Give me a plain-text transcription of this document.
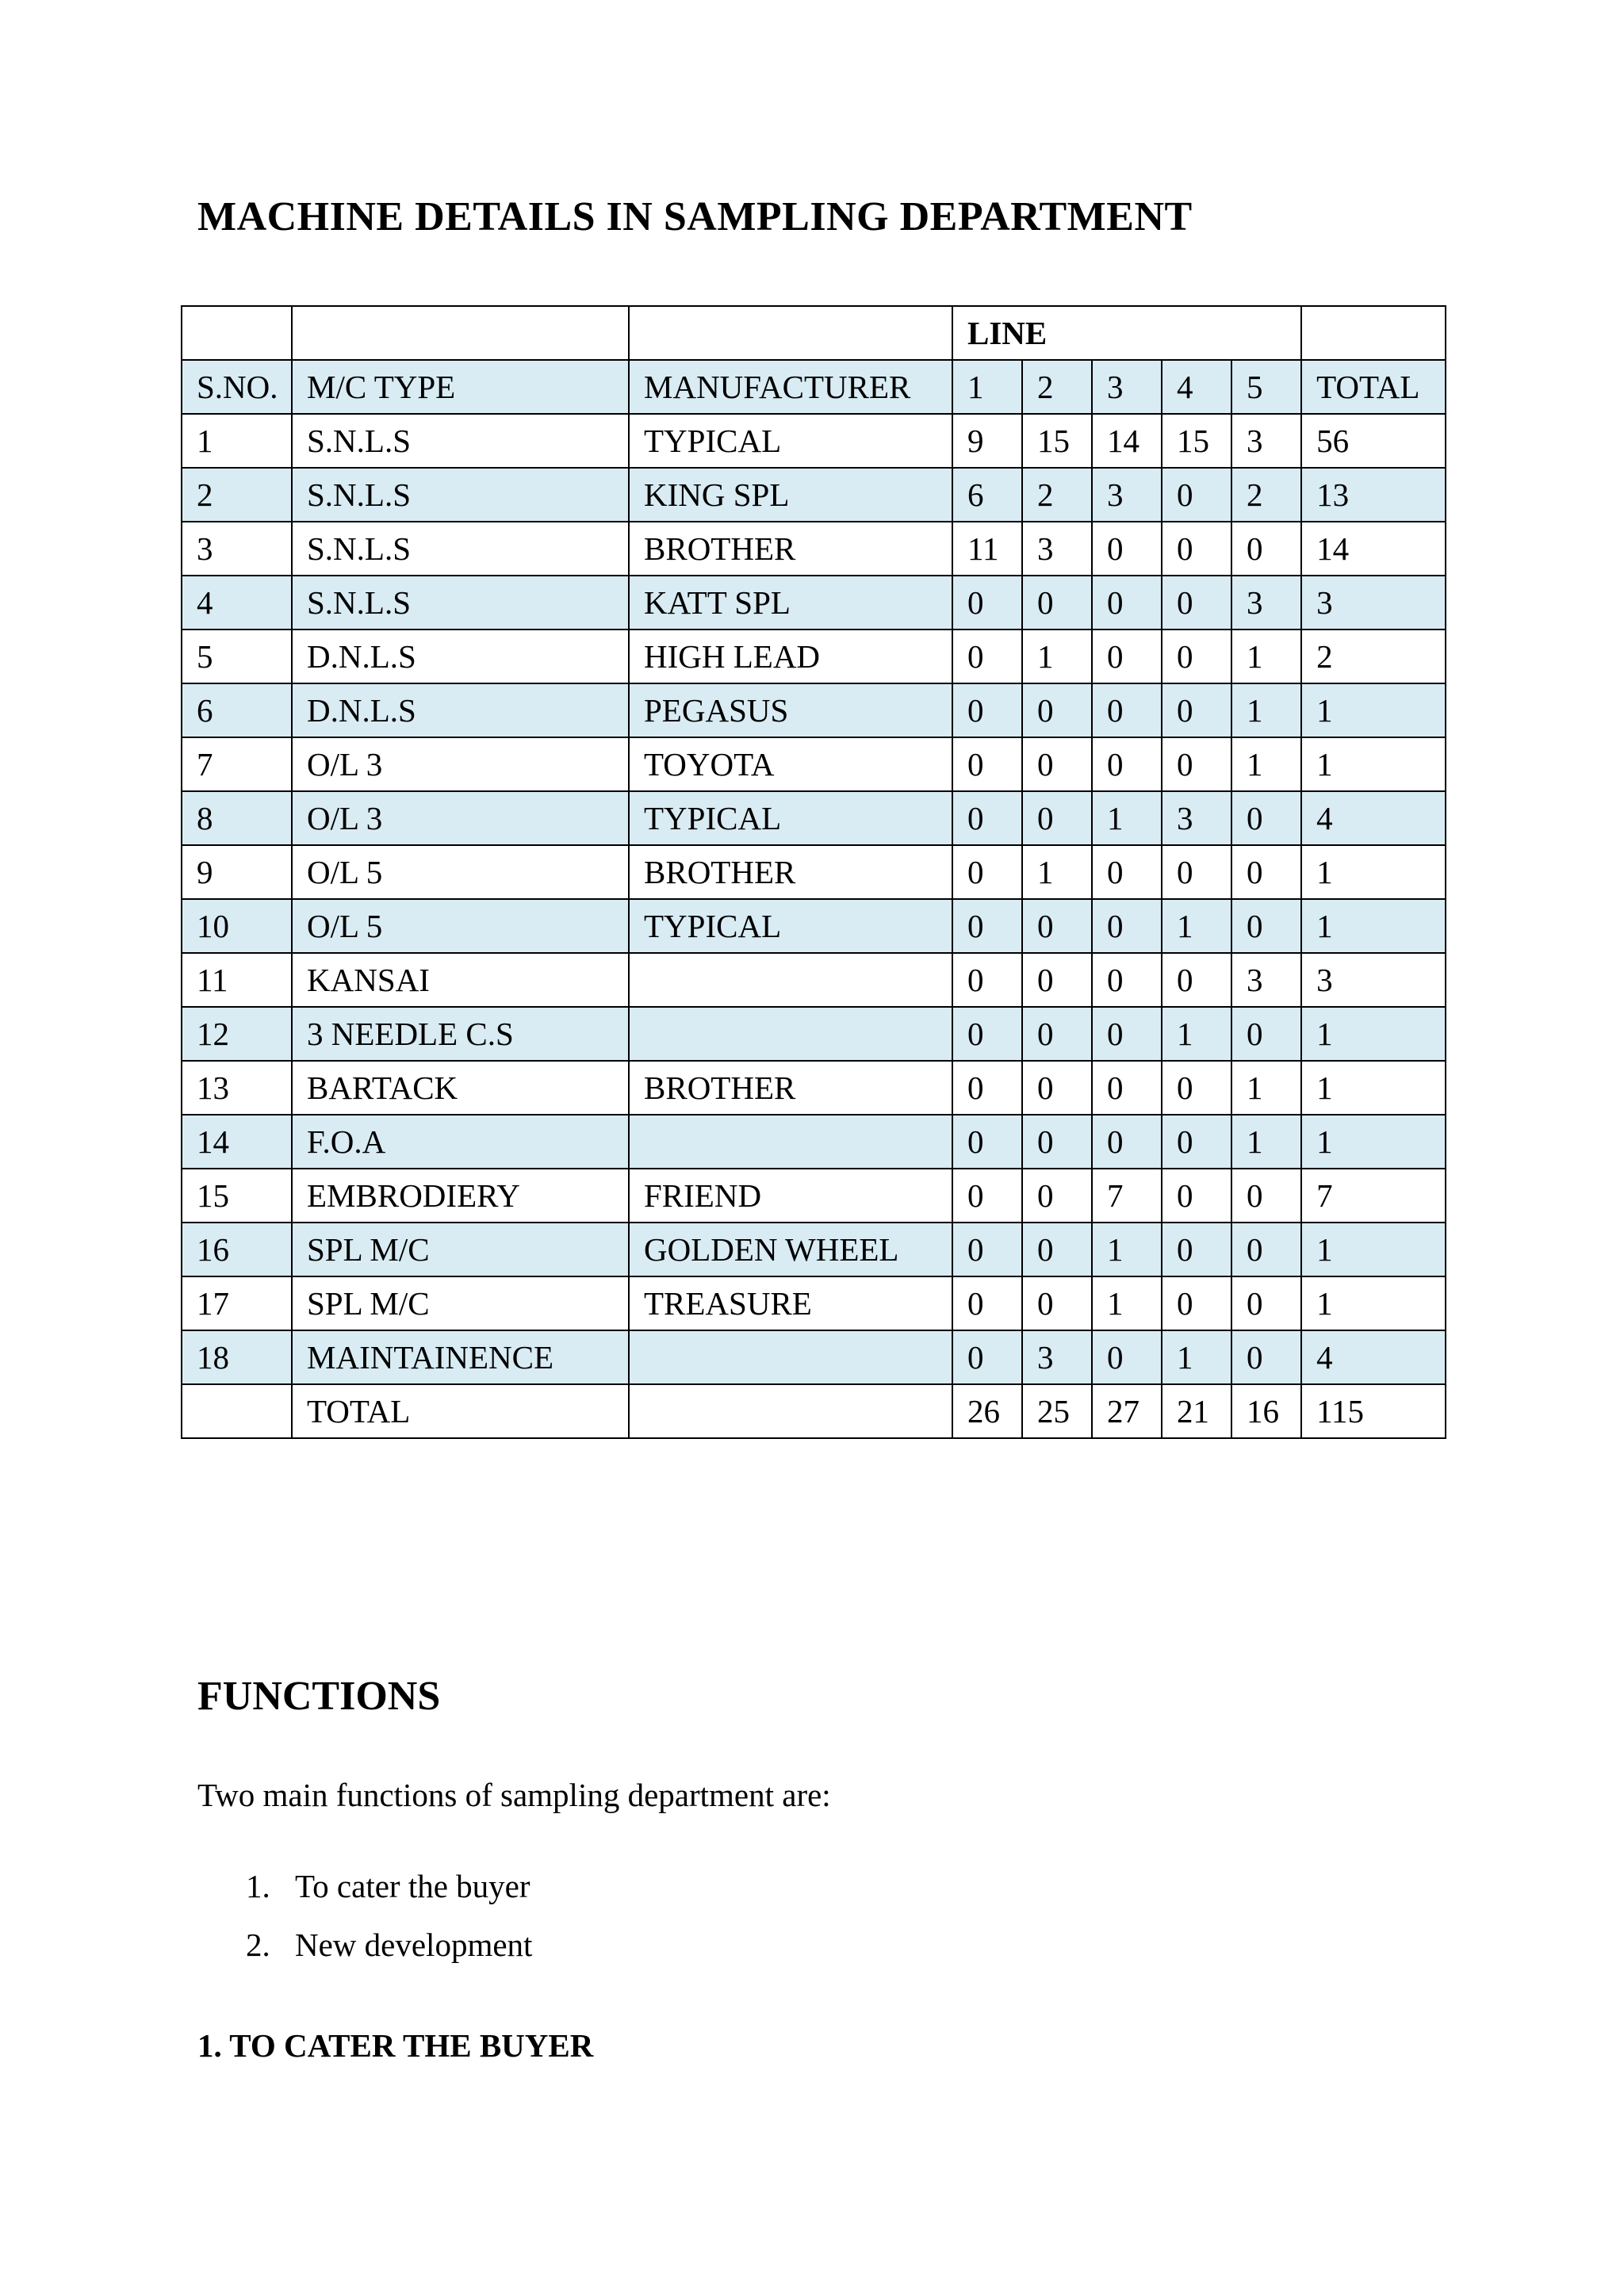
MACHINE DETAILS IN SAMPLING DEPARTMENT
			LINE					
S.NO.	M/C TYPE	MANUFACTURER	1	2	3	4	5	TOTAL
1	S.N.L.S	TYPICAL	9	15	14	15	3	56
2	S.N.L.S	KING SPL	6	2	3	0	2	13
3	S.N.L.S	BROTHER	11	3	0	0	0	14
4	S.N.L.S	KATT SPL	0	0	0	0	3	3
5	D.N.L.S	HIGH LEAD	0	1	0	0	1	2
6	D.N.L.S	PEGASUS	0	0	0	0	1	1
7	O/L 3	TOYOTA	0	0	0	0	1	1
8	O/L 3	TYPICAL	0	0	1	3	0	4
9	O/L 5	BROTHER	0	1	0	0	0	1
10	O/L 5	TYPICAL	0	0	0	1	0	1
11	KANSAI		0	0	0	0	3	3
12	3 NEEDLE C.S		0	0	0	1	0	1
13	BARTACK	BROTHER	0	0	0	0	1	1
14	F.O.A		0	0	0	0	1	1
15	EMBRODIERY	FRIEND	0	0	7	0	0	7
16	SPL M/C	GOLDEN WHEEL	0	0	1	0	0	1
17	SPL M/C	TREASURE	0	0	1	0	0	1
18	MAINTAINENCE		0	3	0	1	0	4
	TOTAL		26	25	27	21	16	115
FUNCTIONS

Two main functions of sampling department are:

1. To cater the buyer
2. New development
1. TO CATER THE BUYER
